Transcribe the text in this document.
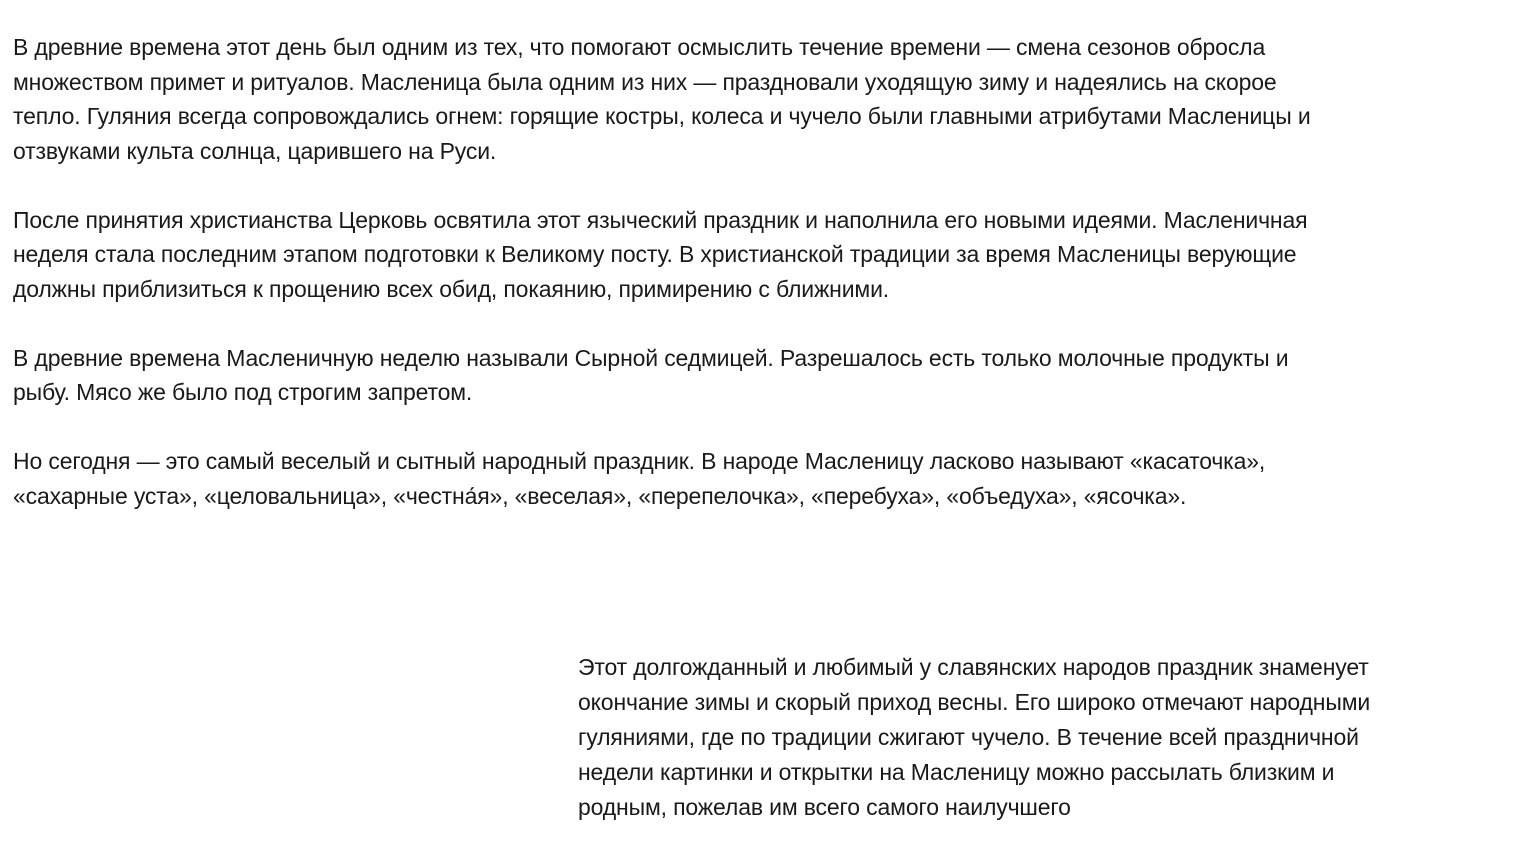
В древние времена этот день был одним из тех, что помогают осмыслить течение времени — смена сезонов обросла
множеством примет и ритуалов. Масленица была одним из них — праздновали уходящую зиму и надеялись на скорое
тепло. Гуляния всегда сопровождались огнем: горящие костры, колеса и чучело были главными атрибутами Масленицы и
отзвуками культа солнца, царившего на Руси.

После принятия христианства Церковь освятила этот языческий праздник и наполнила его новыми идеями. Масленичная
неделя стала последним этапом подготовки к Великому посту. В христианской традиции за время Масленицы верующие
должны приблизиться к прощению всех обид, покаянию, примирению с ближними.

В древние времена Масленичную неделю называли Сырной седмицей. Разрешалось есть только молочные продукты и
рыбу. Мясо же было под строгим запретом.

Но сегодня — это самый веселый и сытный народный праздник. В народе Масленицу ласково называют «касаточка»,
«сахарные уста», «целовальница», «честна́я», «веселая», «перепелочка», «перебуха», «объедуха», «ясочка».

Этот долгожданный и любимый у славянских народов праздник знаменует
окончание зимы и скорый приход весны. Его широко отмечают народными
гуляниями, где по традиции сжигают чучело. В течение всей праздничной
недели картинки и открытки на Масленицу можно рассылать близким и
родным, пожелав им всего самого наилучшего
